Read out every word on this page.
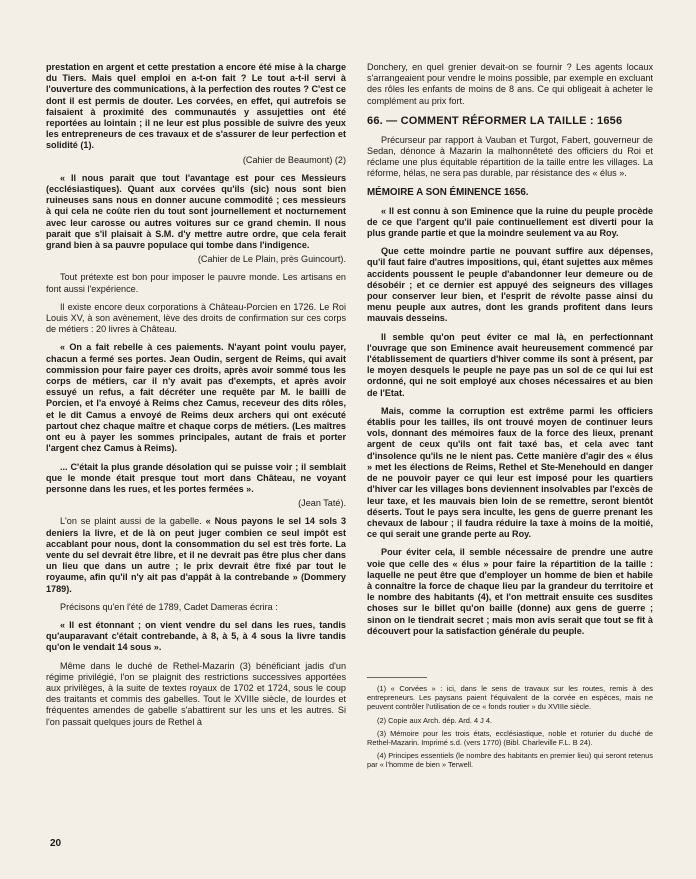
prestation en argent et cette prestation a encore été mise à la charge du Tiers. Mais quel emploi en a-t-on fait ? Le tout a-t-il servi à l'ouverture des communications, à la perfection des routes ? C'est ce dont il est permis de douter. Les corvées, en effet, qui autrefois se faisaient à proximité des communautés y assujetties ont été reportées au lointain ; il ne leur est plus possible de suivre des yeux les entrepreneurs de ces travaux et de s'assurer de leur perfection et solidité (1).

(Cahier de Beaumont) (2)

« Il nous parait que tout l'avantage est pour ces Messieurs (ecclésiastiques). Quant aux corvées qu'ils (sic) nous sont bien ruineuses sans nous en donner aucune commodité ; ces messieurs à qui cela ne coûte rien du tout sont journellement et nocturnement avec leur carosse ou autres voitures sur ce grand chemin. Il nous parait que s'il plaisait à S.M. d'y mettre autre ordre, que cela ferait grand bien à sa pauvre populace qui tombe dans l'indigence.

(Cahier de Le Plain, près Guincourt).

Tout prétexte est bon pour imposer le pauvre monde. Les artisans en font aussi l'expérience.

Il existe encore deux corporations à Château-Porcien en 1726. Le Roi Louis XV, à son avènement, lève des droits de confirmation sur ces corps de métiers : 20 livres à Château.

« On a fait rebelle à ces paiements. N'ayant point voulu payer, chacun a fermé ses portes. Jean Oudin, sergent de Reims, qui avait commission pour faire payer ces droits, après avoir sommé tous les corps de métiers, car il n'y avait pas d'exempts, et après avoir essuyé un refus, a fait décréter une requête par M. le bailli de Porcien, et l'a envoyé à Reims chez Camus, receveur des dits rôles, et le dit Camus a envoyé de Reims deux archers qui ont exécuté partout chez chaque maître et chaque corps de métiers. (Les maîtres ont eu à payer les sommes principales, autant de frais et porter l'argent chez Camus à Reims).

... C'était la plus grande désolation qui se puisse voir ; il semblait que le monde était presque tout mort dans Château, ne voyant personne dans les rues, et les portes fermées ».

(Jean Taté).

L'on se plaint aussi de la gabelle. « Nous payons le sel 14 sols 3 deniers la livre, et de là on peut juger combien ce seul impôt est accablant pour nous, dont la consommation du sel est très forte. La vente du sel devrait être libre, et il ne devrait pas être plus cher dans un lieu que dans un autre ; le prix devrait être fixé par tout le royaume, afin qu'il n'y ait pas d'appât à la contrebande » (Dommery 1789).

Précisons qu'en l'été de 1789, Cadet Dameras écrira :

« Il est étonnant ; on vient vendre du sel dans les rues, tandis qu'auparavant c'était contrebande, à 8, à 5, à 4 sous la livre tandis qu'on le vendait 14 sous ».

Même dans le duché de Rethel-Mazarin (3) bénéficiant jadis d'un régime privilégié, l'on se plaignit des restrictions successives apportées aux privilèges, à la suite de textes royaux de 1702 et 1724, sous le coup des traitants et commis des gabelles. Tout le XVIIIe siècle, de lourdes et fréquentes amendes de gabelle s'abattirent sur les uns et les autres. Si l'on passait quelques jours de Rethel à

Donchery, en quel grenier devait-on se fournir ? Les agents locaux s'arrangeaient pour vendre le moins possible, par exemple en excluant des rôles les enfants de moins de 8 ans. Ce qui obligeait à acheter le complément au prix fort.

66. — COMMENT RÉFORMER LA TAILLE : 1656

Précurseur par rapport à Vauban et Turgot, Fabert, gouverneur de Sedan, dénonce à Mazarin la malhonnêteté des officiers du Roi et réclame une plus équitable répartition de la taille entre les villages. La réforme, hélas, ne sera pas durable, par résistance des « élus ».

MÉMOIRE A SON ÉMINENCE 1656.

« Il est connu à son Eminence que la ruine du peuple procède de ce que l'argent qu'il paie continuellement est diverti pour la plus grande partie et que la moindre seulement va au Roy.

Que cette moindre partie ne pouvant suffire aux dépenses, qu'il faut faire d'autres impositions, qui, étant sujettes aux mêmes accidents poussent le peuple d'abandonner leur demeure ou de désobéir ; et ce dernier est appuyé des seigneurs des villages pour conserver leur bien, et l'esprit de révolte passe ainsi du menu peuple aux autres, dont les grands profitent dans leurs mauvais desseins.

Il semble qu'on peut éviter ce mal là, en perfectionnant l'ouvrage que son Eminence avait heureusement commencé par l'établissement de quartiers d'hiver comme ils sont à présent, par le moyen desquels le peuple ne paye pas un sol de ce qui lui est ordonné, qui ne soit employé aux choses nécessaires et au bien de l'Etat.

Mais, comme la corruption est extrême parmi les officiers établis pour les tailles, ils ont trouvé moyen de continuer leurs vols, donnant des mémoires faux de la force des lieux, prenant argent de ceux qu'ils ont fait taxé bas, et cela avec tant d'insolence qu'ils ne le nient pas. Cette manière d'agir des « élus » met les élections de Reims, Rethel et Ste-Menehould en danger de ne pouvoir payer ce qui leur est imposé pour les quartiers d'hiver car les villages bons deviennent insolvables par l'excès de leur taxe, et les mauvais bien loin de se remettre, seront bientôt déserts. Tout le pays sera inculte, les gens de guerre prenant les chevaux de labour ; il faudra réduire la taxe à moins de la moitié, ce qui serait une grande perte au Roy.

Pour éviter cela, il semble nécessaire de prendre une autre voie que celle des « élus » pour faire la répartition de la taille : laquelle ne peut être que d'employer un homme de bien et habile à connaître la force de chaque lieu par la grandeur du territoire et le nombre des habitants (4), et l'on mettrait ensuite ces susdites choses sur le billet qu'on baille (donne) aux gens de guerre ; sinon on le tiendrait secret ; mais mon avis serait que tout se fit à découvert pour la satisfaction générale du peuple.

(1) « Corvées » : ici, dans le sens de travaux sur les routes, remis à des entrepreneurs. Les paysans paient l'équivalent de la corvée en espèces, mais ne peuvent contrôler l'utilisation de ce « fonds routier » du XVIIIe siècle.

(2) Copie aux Arch. dép. Ard. 4 J 4.

(3) Mémoire pour les trois états, ecclésiastique, noble et roturier du duché de Rethel-Mazarin. Imprimé s.d. (vers 1770) (Bibl. Charleville F.L. B 24).

(4) Principes essentiels (le nombre des habitants en premier lieu) qui seront retenus par « l'homme de bien » Terwell.

20
